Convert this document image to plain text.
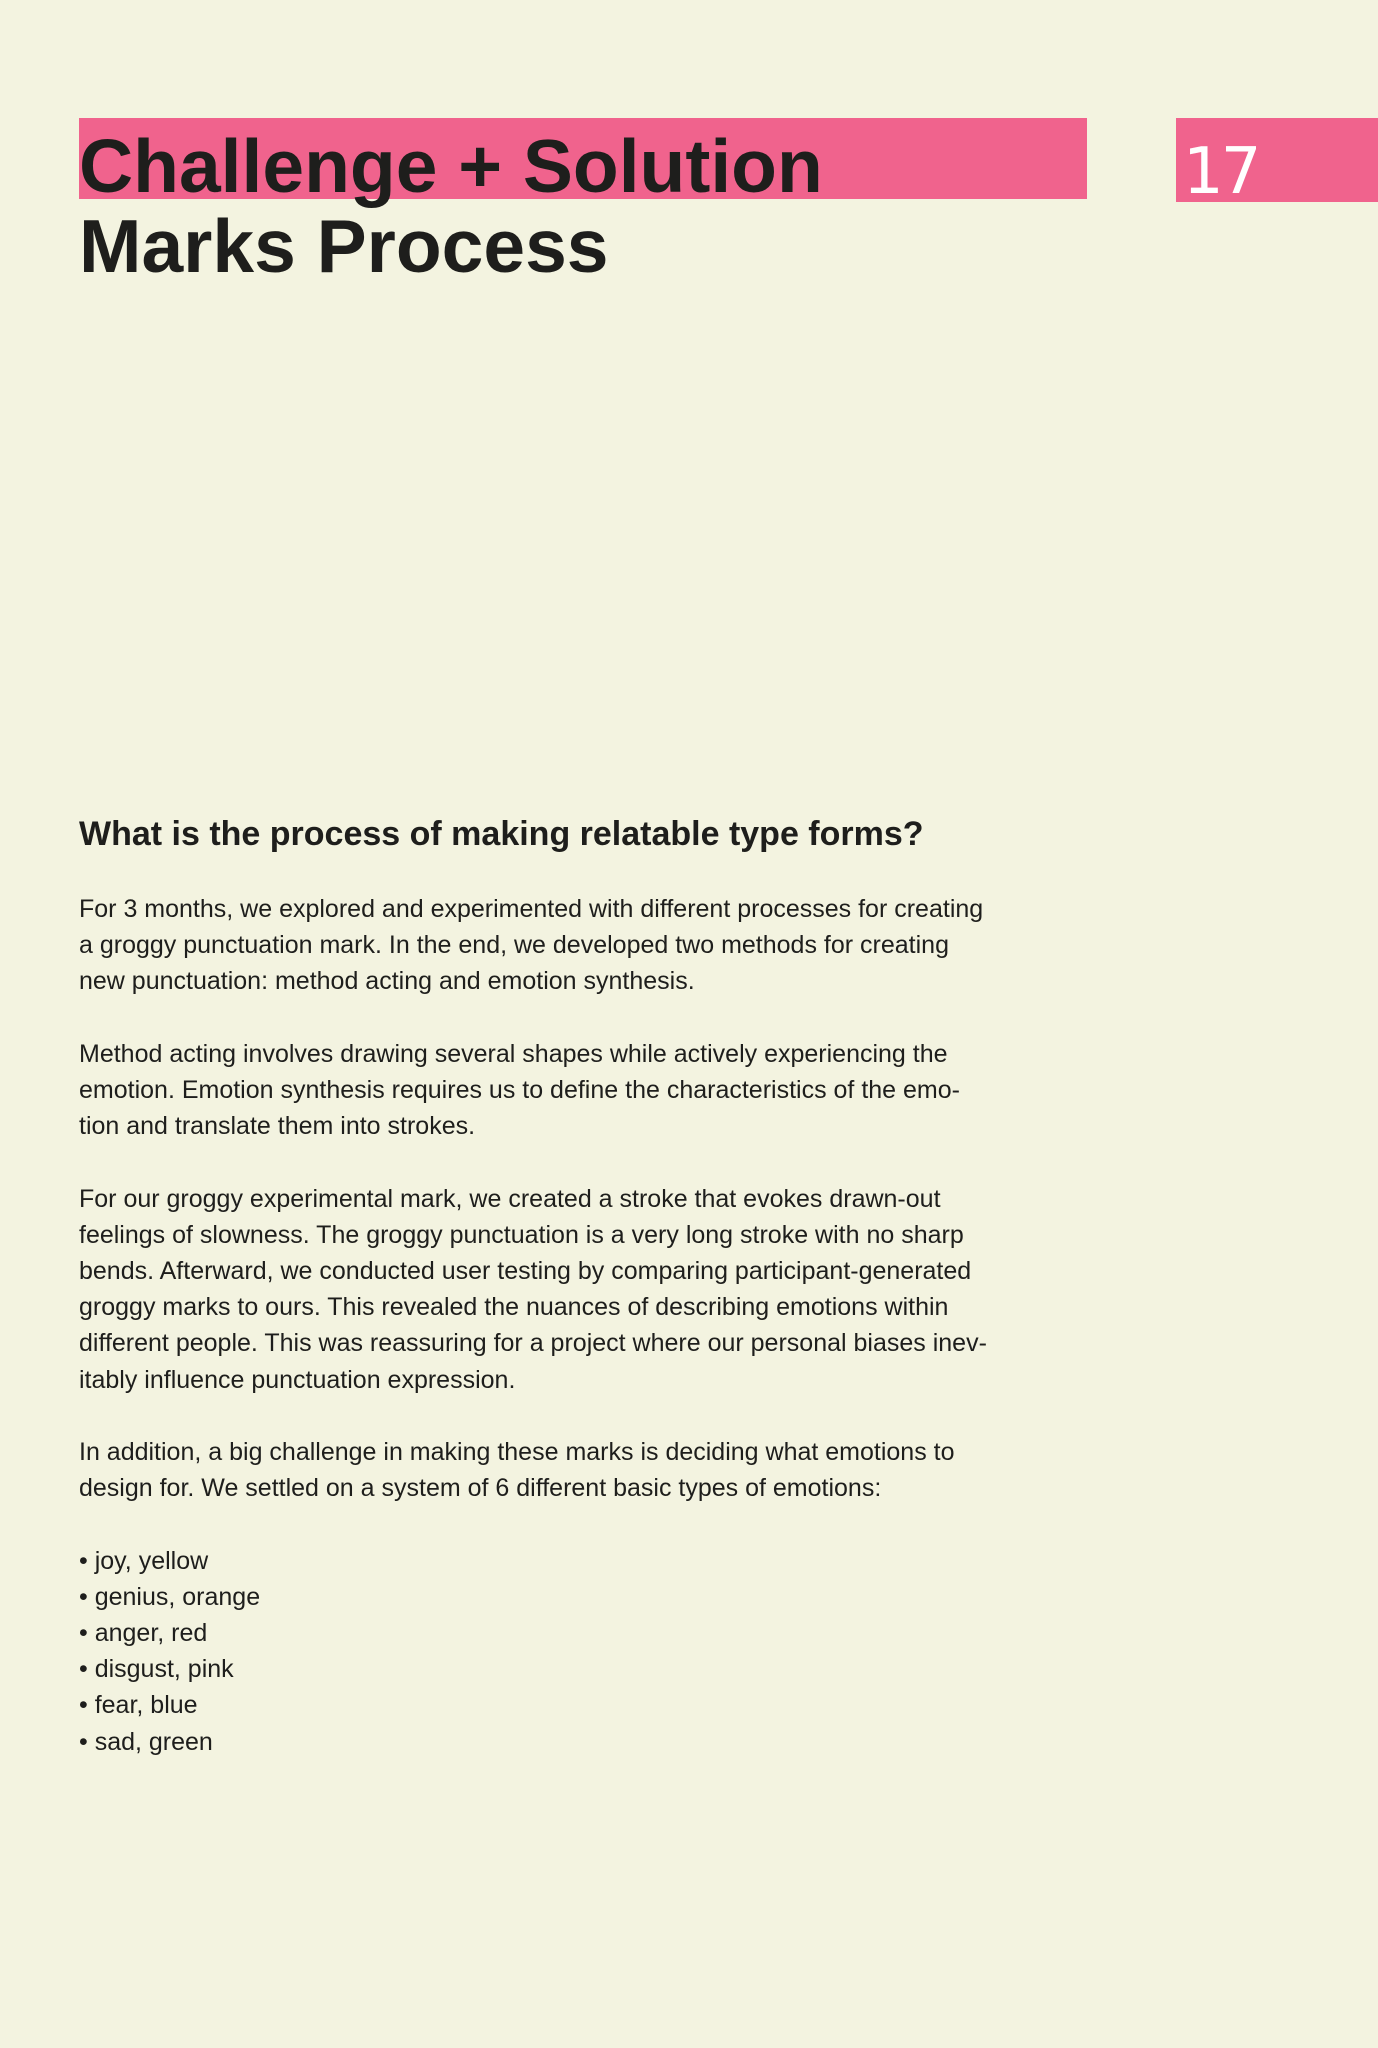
17
Challenge + Solution
Marks Process
What is the process of making relatable type forms?

For 3 months, we explored and experimented with different processes for creating
a groggy punctuation mark. In the end, we developed two methods for creating
new punctuation: method acting and emotion synthesis.

Method acting involves drawing several shapes while actively experiencing the
emotion. Emotion synthesis requires us to define the characteristics of the emo-
tion and translate them into strokes.

For our groggy experimental mark, we created a stroke that evokes drawn-out
feelings of slowness. The groggy punctuation is a very long stroke with no sharp
bends. Afterward, we conducted user testing by comparing participant-generated
groggy marks to ours. This revealed the nuances of describing emotions within
different people. This was reassuring for a project where our personal biases inev-
itably influence punctuation expression.

In addition, a big challenge in making these marks is deciding what emotions to
design for. We settled on a system of 6 different basic types of emotions:

• joy, yellow
• genius, orange
• anger, red
• disgust, pink
• fear, blue
• sad, green
